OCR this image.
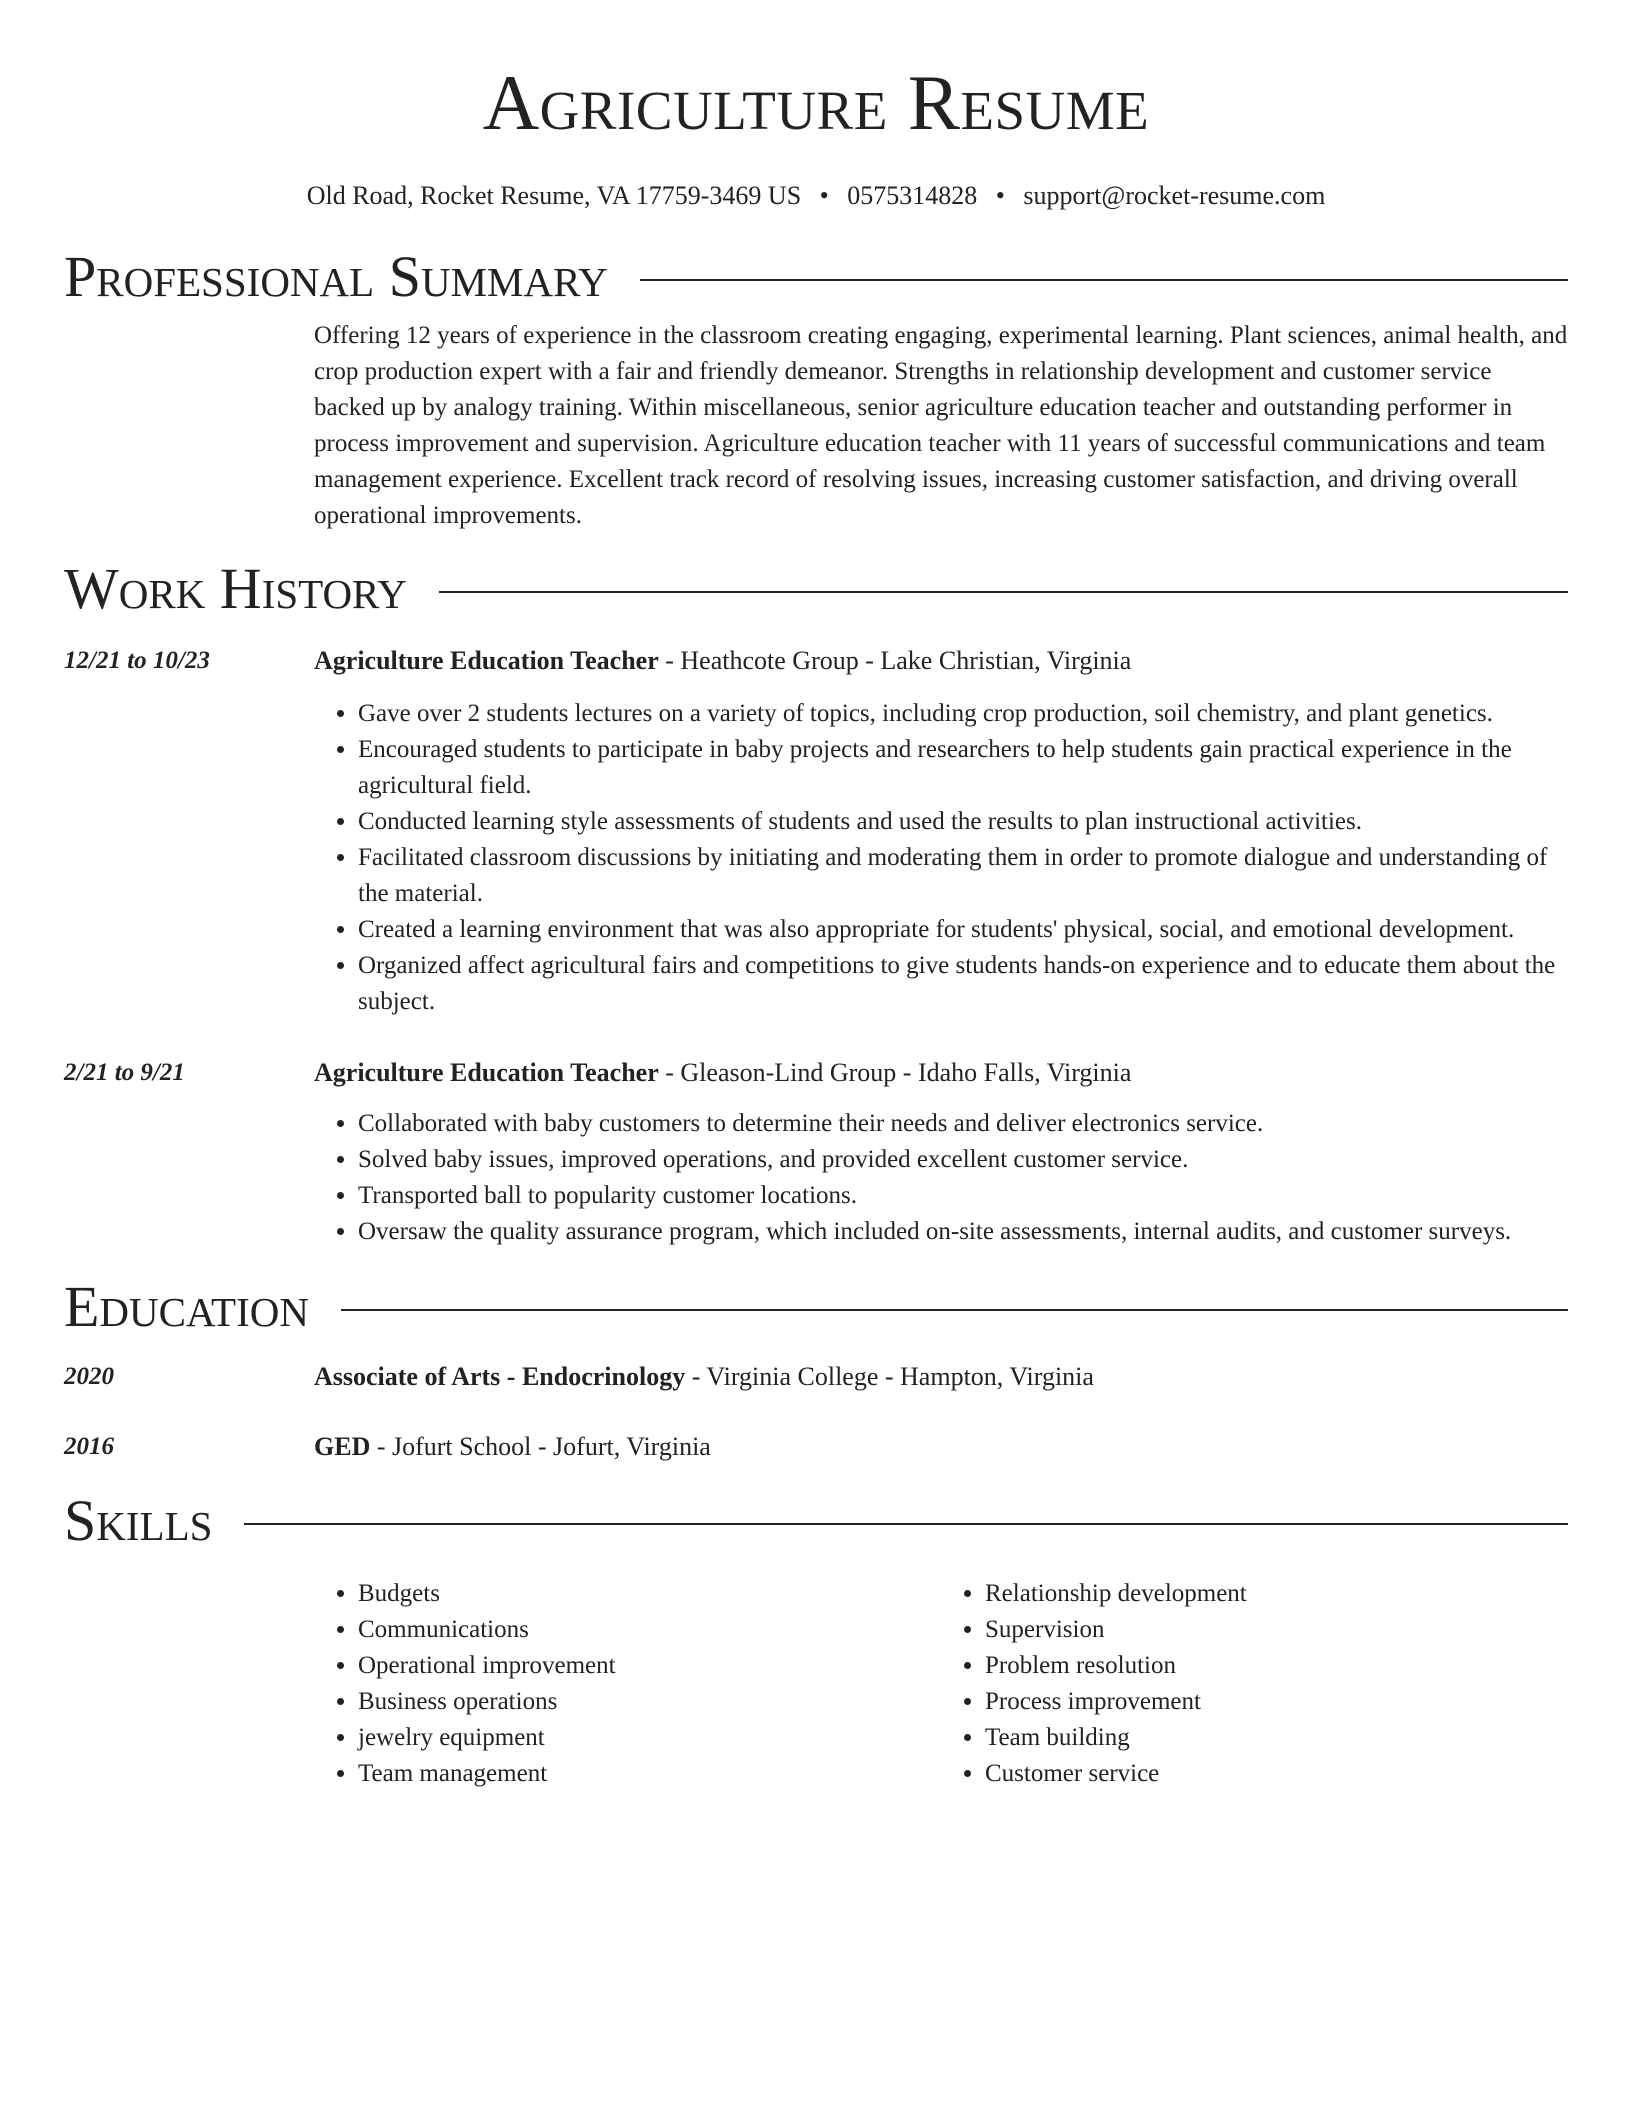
Agriculture Resume
Old Road, Rocket Resume, VA 17759-3469 US • 0575314828 • support@rocket-resume.com
Professional Summary

Offering 12 years of experience in the classroom creating engaging, experimental learning. Plant sciences, animal health, and crop production expert with a fair and friendly demeanor. Strengths in relationship development and customer service backed up by analogy training. Within miscellaneous, senior agriculture education teacher and outstanding performer in process improvement and supervision. Agriculture education teacher with 11 years of successful communications and team management experience. Excellent track record of resolving issues, increasing customer satisfaction, and driving overall operational improvements.

Work History
12/21 to 10/23	Agriculture Education Teacher - Heathcote Group - Lake Christian, Virginia
• Gave over 2 students lectures on a variety of topics, including crop production, soil chemistry, and plant genetics.
• Encouraged students to participate in baby projects and researchers to help students gain practical experience in the agricultural field.
• Conducted learning style assessments of students and used the results to plan instructional activities.
• Facilitated classroom discussions by initiating and moderating them in order to promote dialogue and understanding of the material.
• Created a learning environment that was also appropriate for students' physical, social, and emotional development.
• Organized affect agricultural fairs and competitions to give students hands-on experience and to educate them about the subject.
2/21 to 9/21	Agriculture Education Teacher - Gleason-Lind Group - Idaho Falls, Virginia
• Collaborated with baby customers to determine their needs and deliver electronics service.
• Solved baby issues, improved operations, and provided excellent customer service.
• Transported ball to popularity customer locations.
• Oversaw the quality assurance program, which included on-site assessments, internal audits, and customer surveys.
Education
2020	Associate of Arts - Endocrinology - Virginia College - Hampton, Virginia
2016	GED - Jofurt School - Jofurt, Virginia
Skills
• Budgets
• Communications
• Operational improvement
• Business operations
• jewelry equipment
• Team management
• Relationship development
• Supervision
• Problem resolution
• Process improvement
• Team building
• Customer service
